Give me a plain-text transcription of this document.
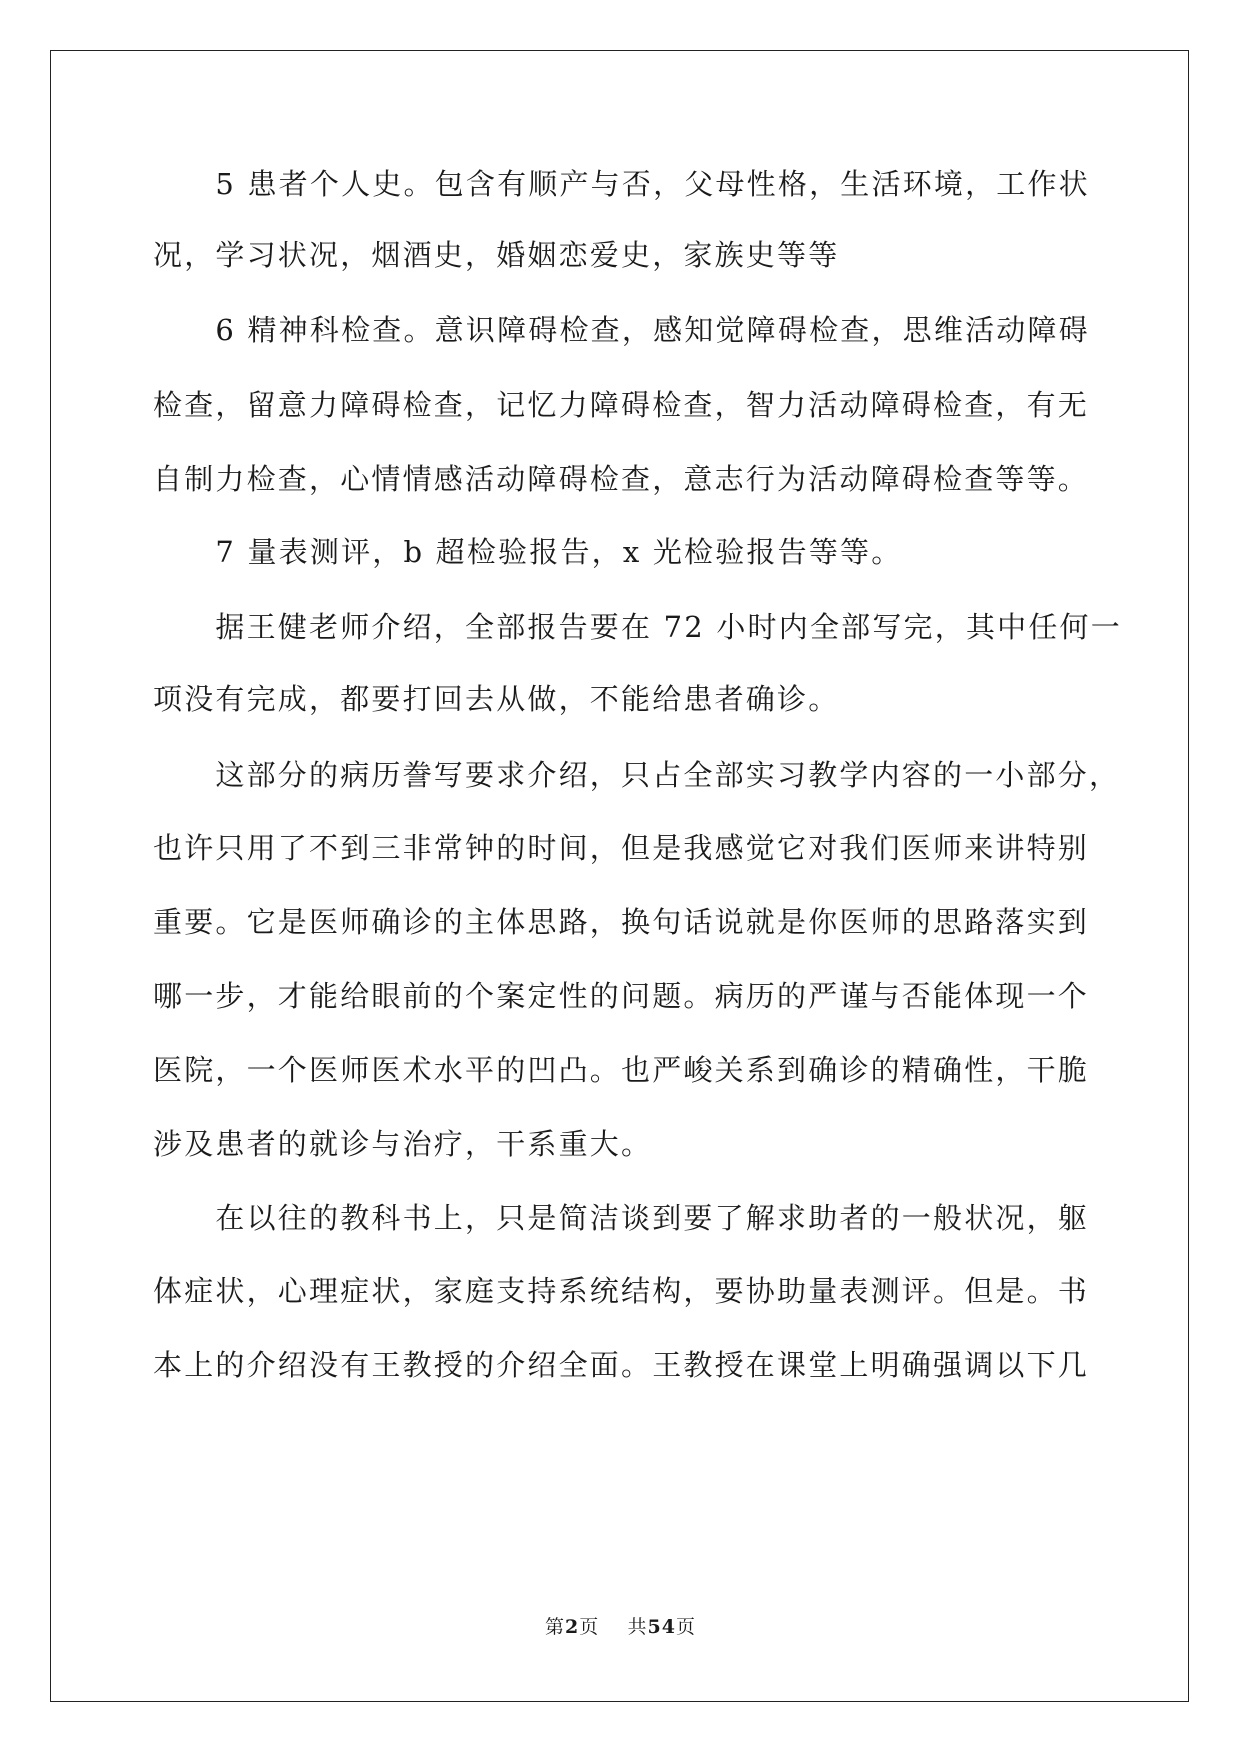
　　5 患者个人史。包含有顺产与否，父母性格，生活环境，工作状
况，学习状况，烟酒史，婚姻恋爱史，家族史等等
　　6 精神科检查。意识障碍检查，感知觉障碍检查，思维活动障碍
检查，留意力障碍检查，记忆力障碍检查，智力活动障碍检查，有无
自制力检查，心情情感活动障碍检查，意志行为活动障碍检查等等。
　　7 量表测评，b 超检验报告，x 光检验报告等等。
　　据王健老师介绍，全部报告要在 72 小时内全部写完，其中任何一
项没有完成，都要打回去从做，不能给患者确诊。
　　这部分的病历誊写要求介绍，只占全部实习教学内容的一小部分，
也许只用了不到三非常钟的时间，但是我感觉它对我们医师来讲特别
重要。它是医师确诊的主体思路，换句话说就是你医师的思路落实到
哪一步，才能给眼前的个案定性的问题。病历的严谨与否能体现一个
医院，一个医师医术水平的凹凸。也严峻关系到确诊的精确性，干脆
涉及患者的就诊与治疗，干系重大。
　　在以往的教科书上，只是简洁谈到要了解求助者的一般状况，躯
体症状，心理症状，家庭支持系统结构，要协助量表测评。但是。书
本上的介绍没有王教授的介绍全面。王教授在课堂上明确强调以下几
第2页 共54页
